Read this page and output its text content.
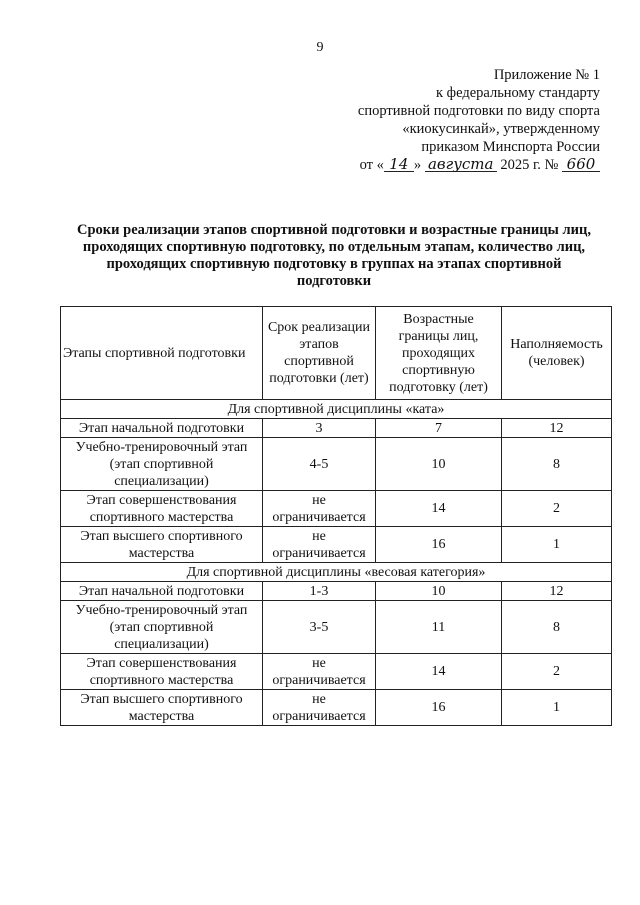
9
Приложение № 1
к федеральному стандарту
спортивной подготовки по виду спорта
«киокусинкай», утвержденному
приказом Минспорта России
от « 14 » августа 2025 г. № 660
Сроки реализации этапов спортивной подготовки и возрастные границы лиц,
проходящих спортивную подготовку, по отдельным этапам, количество лиц,
проходящих спортивную подготовку в группах на этапах спортивной
подготовки
Этапы спортивной подготовки	Срок реализации этапов спортивной подготовки (лет)	Возрастные границы лиц, проходящих спортивную подготовку (лет)	Наполняемость (человек)
Для спортивной дисциплины «ката»			
Этап начальной подготовки	3	7	12
Учебно-тренировочный этап (этап спортивной специализации)	4-5	10	8
Этап совершенствования спортивного мастерства	не ограничивается	14	2
Этап высшего спортивного мастерства	не ограничивается	16	1
Для спортивной дисциплины «весовая категория»			
Этап начальной подготовки	1-3	10	12
Учебно-тренировочный этап (этап спортивной специализации)	3-5	11	8
Этап совершенствования спортивного мастерства	не ограничивается	14	2
Этап высшего спортивного мастерства	не ограничивается	16	1
